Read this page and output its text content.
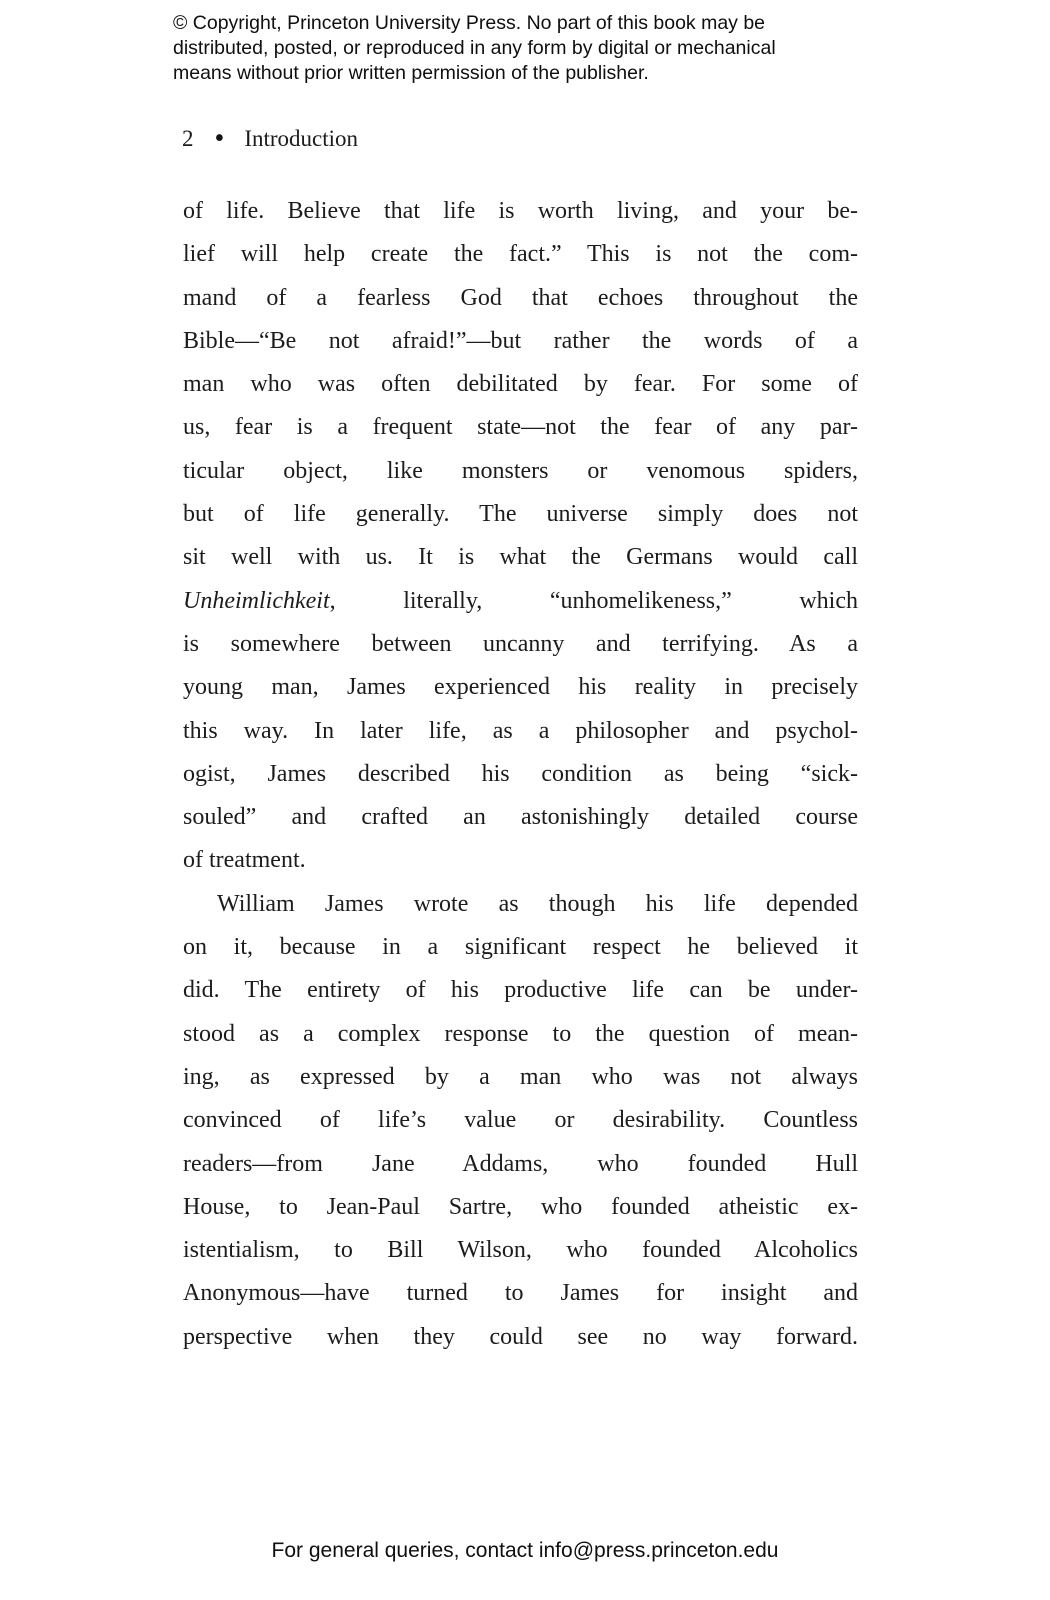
© Copyright, Princeton University Press. No part of this book may be
distributed, posted, or reproduced in any form by digital or mechanical
means without prior written permission of the publisher.
2 • Introduction
of life. Believe that life is worth living, and your be-
lief will help create the fact.” This is not the com-
mand of a fearless God that echoes throughout the
Bible—“Be not afraid!”—but rather the words of a
man who was often debilitated by fear. For some of
us, fear is a frequent state—not the fear of any par-
ticular object, like monsters or venomous spiders,
but of life generally. The universe simply does not
sit well with us. It is what the Germans would call
Unheimlichkeit, literally, “unhomelikeness,” which
is somewhere between uncanny and terrifying. As a
young man, James experienced his reality in precisely
this way. In later life, as a philosopher and psychol-
ogist, James described his condition as being “sick-
souled” and crafted an astonishingly detailed course
of treatment.
William James wrote as though his life depended
on it, because in a significant respect he believed it
did. The entirety of his productive life can be under-
stood as a complex response to the question of mean-
ing, as expressed by a man who was not always
convinced of life’s value or desirability. Countless
readers—from Jane Addams, who founded Hull
House, to Jean-Paul Sartre, who founded atheistic ex-
istentialism, to Bill Wilson, who founded Alcoholics
Anonymous—have turned to James for insight and
perspective when they could see no way forward.
For general queries, contact info@press.princeton.edu
